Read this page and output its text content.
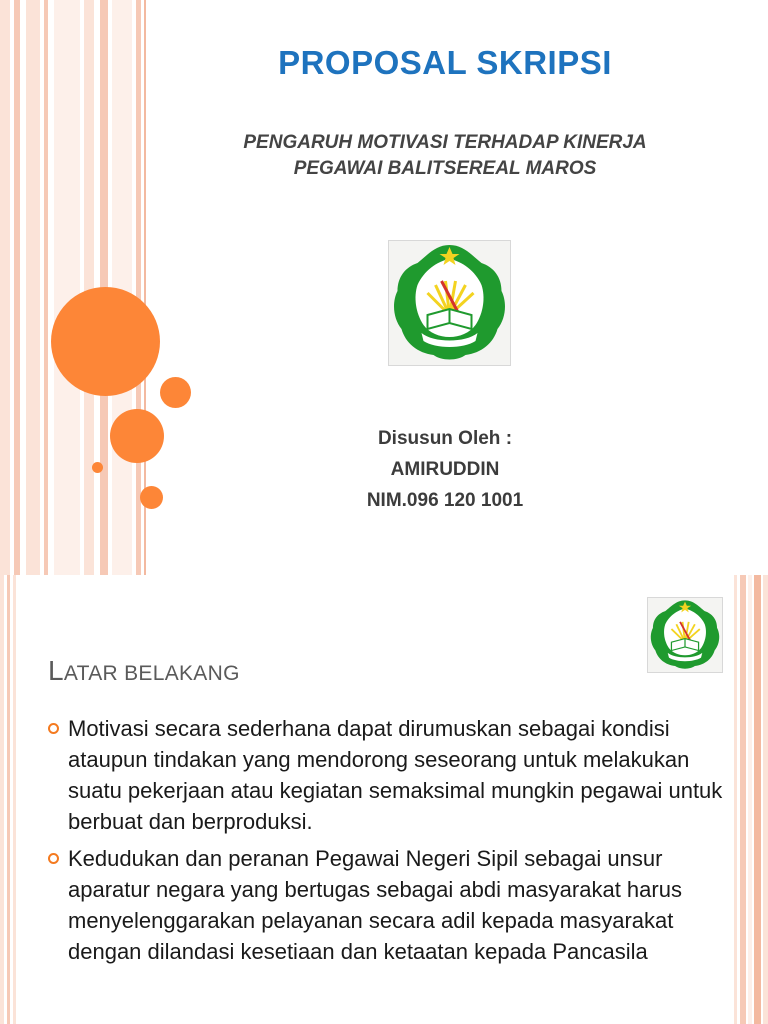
PROPOSAL SKRIPSI
PENGARUH MOTIVASI TERHADAP KINERJA
PEGAWAI BALITSEREAL MAROS
Disusun Oleh :
AMIRUDDIN
NIM.096 120 1001
LATAR BELAKANG
Motivasi secara sederhana dapat dirumuskan sebagai kondisi ataupun tindakan yang mendorong seseorang untuk melakukan suatu pekerjaan atau kegiatan semaksimal mungkin pegawai untuk berbuat dan berproduksi.
Kedudukan dan peranan Pegawai Negeri Sipil sebagai unsur aparatur negara yang bertugas sebagai abdi masyarakat harus menyelenggarakan pelayanan secara adil kepada masyarakat dengan dilandasi kesetiaan dan ketaatan kepada Pancasila
